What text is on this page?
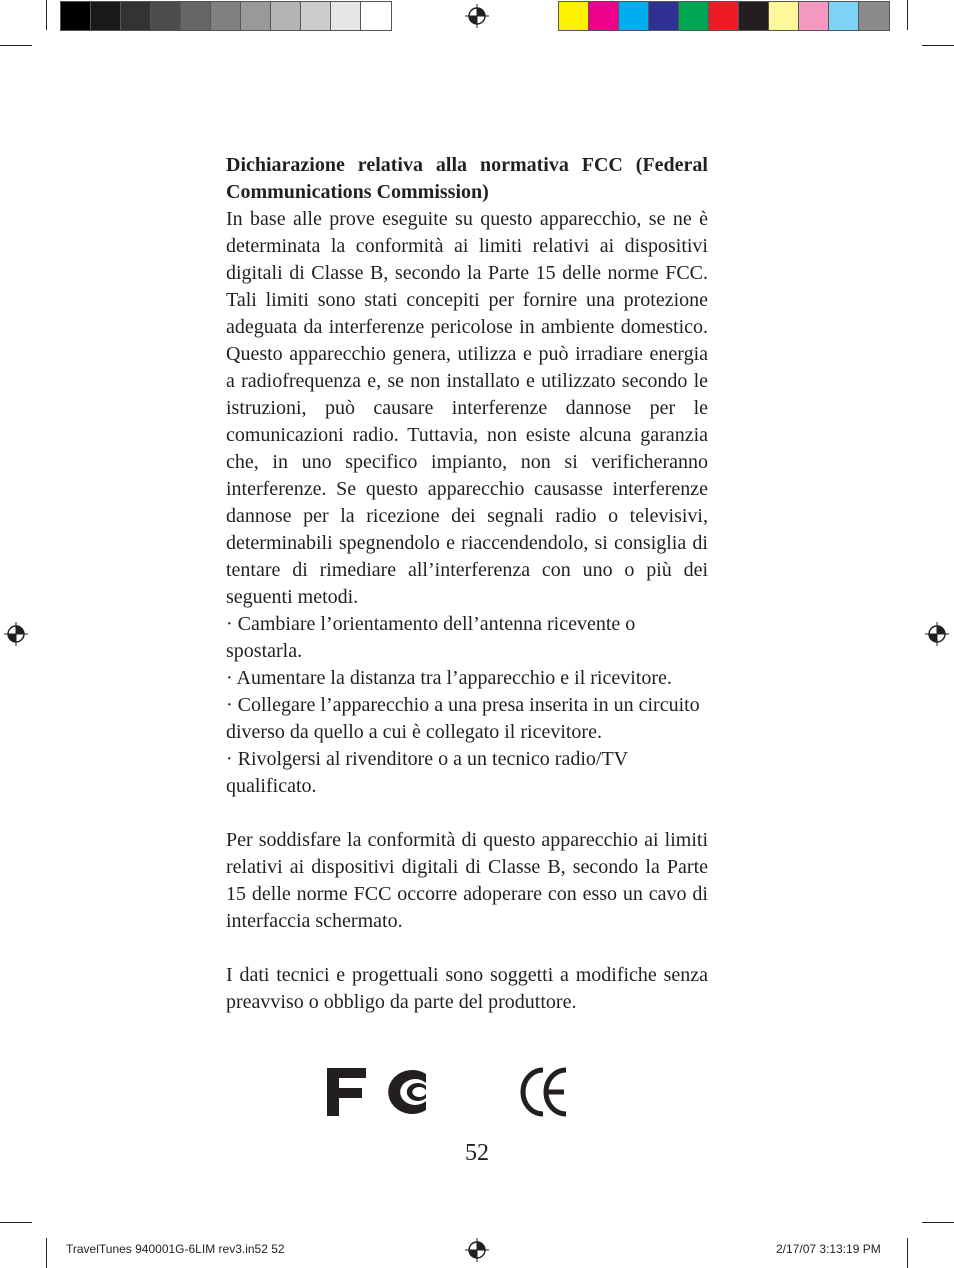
Dichiarazione relativa alla normativa FCC (Federal Communications Commission)

In base alle prove eseguite su questo apparecchio, se ne è determinata la conformità ai limiti relativi ai dispositivi digitali di Classe B, secondo la Parte 15 delle norme FCC. Tali limiti sono stati concepiti per fornire una protezione adeguata da interferenze pericolose in ambiente domestico. Questo apparecchio genera, utilizza e può irradiare energia a radiofrequenza e, se non installato e utilizzato secondo le istruzioni, può causare interferenze dannose per le comunicazioni radio. Tuttavia, non esiste alcuna garanzia che, in uno specifico impianto, non si verificheranno interferenze. Se questo apparecchio causasse interferenze dannose per la ricezione dei segnali radio o televisivi, determinabili spegnendolo e riaccendendolo, si consiglia di tentare di rimediare all’interferenza con uno o più dei seguenti metodi.

· Cambiare l’orientamento dell’antenna ricevente o spostarla.

· Aumentare la distanza tra l’apparecchio e il ricevitore.

· Collegare l’apparecchio a una presa inserita in un circuito diverso da quello a cui è collegato il ricevitore.

· Rivolgersi al rivenditore o a un tecnico radio/TV qualificato.

Per soddisfare la conformità di questo apparecchio ai limiti relativi ai dispositivi digitali di Classe B, secondo la Parte 15 delle norme FCC occorre adoperare con esso un cavo di interfaccia schermato.

I dati tecnici e progettuali sono soggetti a modifiche senza preavviso o obbligo da parte del produttore.

52
TravelTunes 940001G-6LIM rev3.in52 52	2/17/07 3:13:19 PM
